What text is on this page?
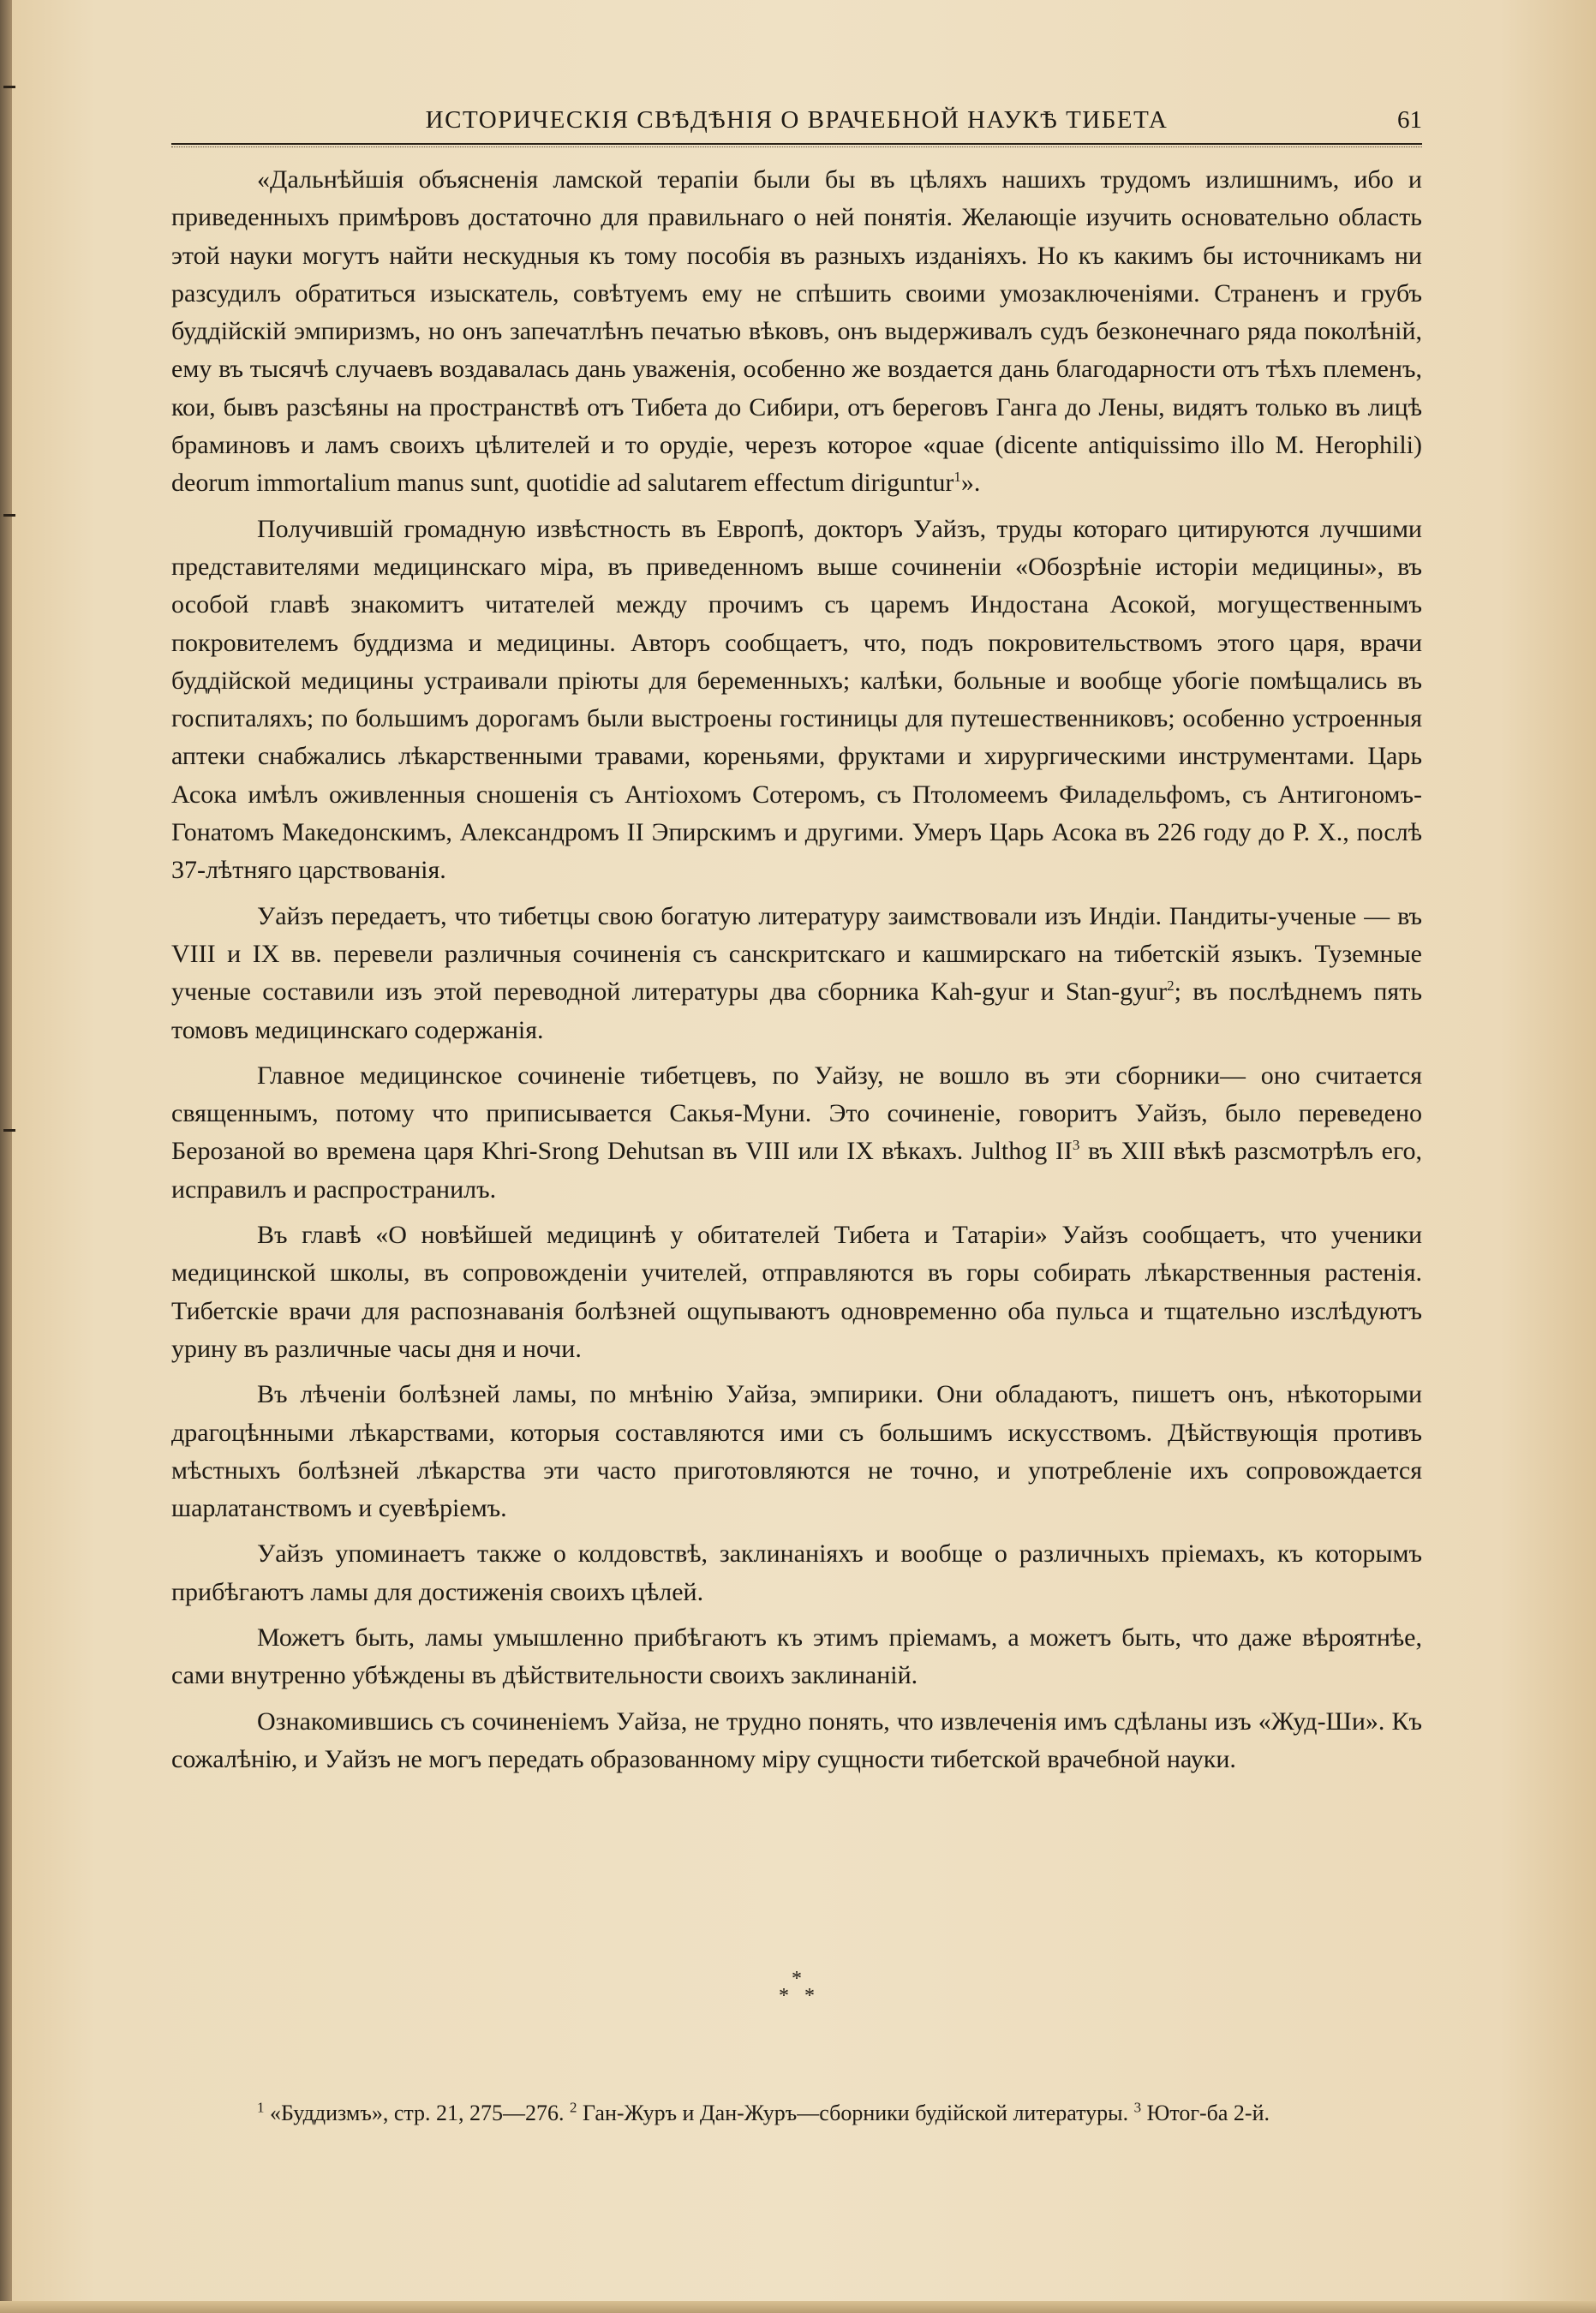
ИСТОРИЧЕСКІЯ СВѢДѢНІЯ О ВРАЧЕБНОЙ НАУКѢ ТИБЕТА	61

«Дальнѣйшія объясненія ламской терапіи были бы въ цѣляхъ нашихъ трудомъ излишнимъ, ибо и приведенныхъ примѣровъ достаточно для правильнаго о ней понятія. Желающіе изучить основательно область этой науки могутъ найти нескудныя къ тому пособія въ разныхъ изданіяхъ. Но къ какимъ бы источникамъ ни разсудилъ обратиться изыскатель, совѣтуемъ ему не спѣшить своими умозаключеніями. Страненъ и грубъ буддійскій эмпиризмъ, но онъ запечатлѣнъ печатью вѣковъ, онъ выдерживалъ судъ безконечнаго ряда поколѣній, ему въ тысячѣ случаевъ воздавалась дань уваженія, особенно же воздается дань благодарности отъ тѣхъ племенъ, кои, бывъ разсѣяны на пространствѣ отъ Тибета до Сибири, отъ береговъ Ганга до Лены, видятъ только въ лицѣ браминовъ и ламъ своихъ цѣлителей и то орудіе, черезъ которое «quae (dicente antiquissimo illo M. Herophili) deorum immortalium manus sunt, quotidie ad salutarem effectum diriguntur$^1$».

Получившій громадную извѣстность въ Европѣ, докторъ Уайзъ, труды котораго цитируются лучшими представителями медицинскаго міра, въ приведенномъ выше сочиненіи «Обозрѣніе исторіи медицины», въ особой главѣ знакомитъ читателей между прочимъ съ царемъ Индостана Асокой, могущественнымъ покровителемъ буддизма и медицины. Авторъ сообщаетъ, что, подъ покровительствомъ этого царя, врачи буддійской медицины устраивали пріюты для беременныхъ; калѣки, больные и вообще убогіе помѣщались въ госпиталяхъ; по большимъ дорогамъ были выстроены гостиницы для путешественниковъ; особенно устроенныя аптеки снабжались лѣкарственными травами, кореньями, фруктами и хирургическими инструментами. Царь Асока имѣлъ оживленныя сношенія съ Антіохомъ Сотеромъ, съ Птоломеемъ Филадельфомъ, съ Антигономъ-Гонатомъ Македонскимъ, Александромъ II Эпирскимъ и другими. Умеръ Царь Асока въ 226 году до Р. Х., послѣ 37-лѣтняго царствованія.

Уайзъ передаетъ, что тибетцы свою богатую литературу заимствовали изъ Индіи. Пандиты-ученые — въ VIII и IX вв. перевели различныя сочиненія съ санскритскаго и кашмирскаго на тибетскій языкъ. Туземные ученые составили изъ этой переводной литературы два сборника Kah-gyur и Stan-gyur$^2$; въ послѣднемъ пять томовъ медицинскаго содержанія.

Главное медицинское сочиненіе тибетцевъ, по Уайзу, не вошло въ эти сборники— оно считается священнымъ, потому что приписывается Сакья-Муни. Это сочиненіе, говоритъ Уайзъ, было переведено Берозаной во времена царя Khri-Srong Dehutsan въ VIII или IX вѣкахъ. Julthog $II^3$ въ XIII вѣкѣ разсмотрѣлъ его, исправилъ и распространилъ.

Въ главѣ «О новѣйшей медицинѣ у обитателей Тибета и Татаріи» Уайзъ сообщаетъ, что ученики медицинской школы, въ сопровожденіи учителей, отправляются въ горы собирать лѣкарственныя растенія. Тибетскіе врачи для распознаванія болѣзней ощупываютъ одновременно оба пульса и тщательно изслѣдуютъ урину въ различные часы дня и ночи.

Въ лѣченіи болѣзней ламы, по мнѣнію Уайза, эмпирики. Они обладаютъ, пишетъ онъ, нѣкоторыми драгоцѣнными лѣкарствами, которыя составляются ими съ большимъ искусствомъ. Дѣйствующія противъ мѣстныхъ болѣзней лѣкарства эти часто приготовляются не точно, и употребленіе ихъ сопровождается шарлатанствомъ и суевѣріемъ.

Уайзъ упоминаетъ также о колдовствѣ, заклинаніяхъ и вообще о различныхъ пріемахъ, къ которымъ прибѣгаютъ ламы для достиженія своихъ цѣлей.

Можетъ быть, ламы умышленно прибѣгаютъ къ этимъ пріемамъ, а можетъ быть, что даже вѣроятнѣе, сами внутренно убѣждены въ дѣйствительности своихъ заклинаній.

Ознакомившись съ сочиненіемъ Уайза, не трудно понять, что извлеченія имъ сдѣланы изъ «Жуд-Ши». Къ сожалѣнію, и Уайзъ не могъ передать образованному міру сущности тибетской врачебной науки.

*
*   *
$^1$ «Буддизмъ», стр. 21, 275—276. $^2$ Ган-Журъ и Дан-Журъ—сборники будійской литературы. $^3$ Ютог-ба 2-й.
